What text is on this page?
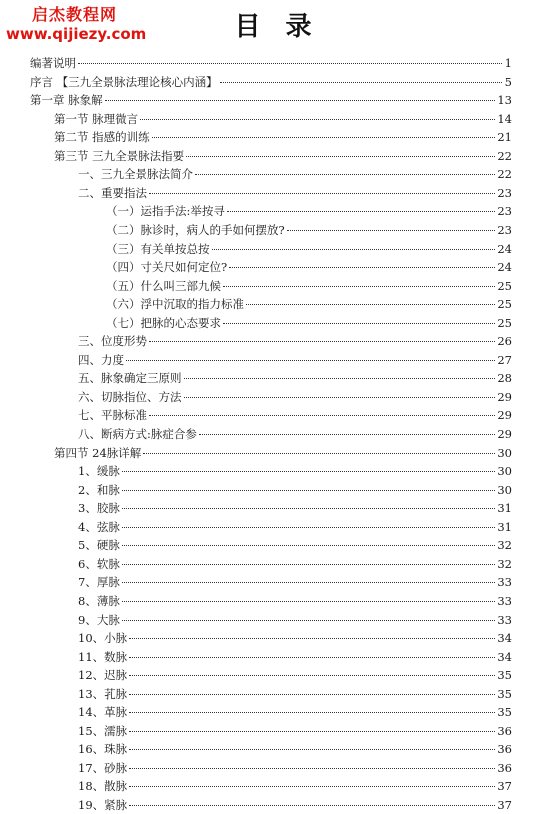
启杰教程网
www.qijiezy.com	目 录
编著说明	1
序言 【三九全景脉法理论核心内涵】	5
第一章 脉象解	13
第一节 脉理微言	14
第二节 指感的训练	21
第三节 三九全景脉法指要	22
一、三九全景脉法简介	22
二、重要指法	23
（一）运指手法:举按寻	23
（二）脉诊时，病人的手如何摆放?	23
（三）有关单按总按	24
（四）寸关尺如何定位?	24
（五）什么叫三部九候	25
（六）浮中沉取的指力标准	25
（七）把脉的心态要求	25
三、位度形势	26
四、力度	27
五、脉象确定三原则	28
六、切脉指位、方法	29
七、平脉标准	29
八、断病方式:脉症合参	29
第四节 24脉详解	30
1、缓脉	30
2、和脉	30
3、胶脉	31
4、弦脉	31
5、硬脉	32
6、软脉	32
7、厚脉	33
8、薄脉	33
9、大脉	33
10、小脉	34
11、数脉	34
12、迟脉	35
13、芤脉	35
14、革脉	35
15、濡脉	36
16、珠脉	36
17、砂脉	36
18、散脉	37
19、紧脉	37
